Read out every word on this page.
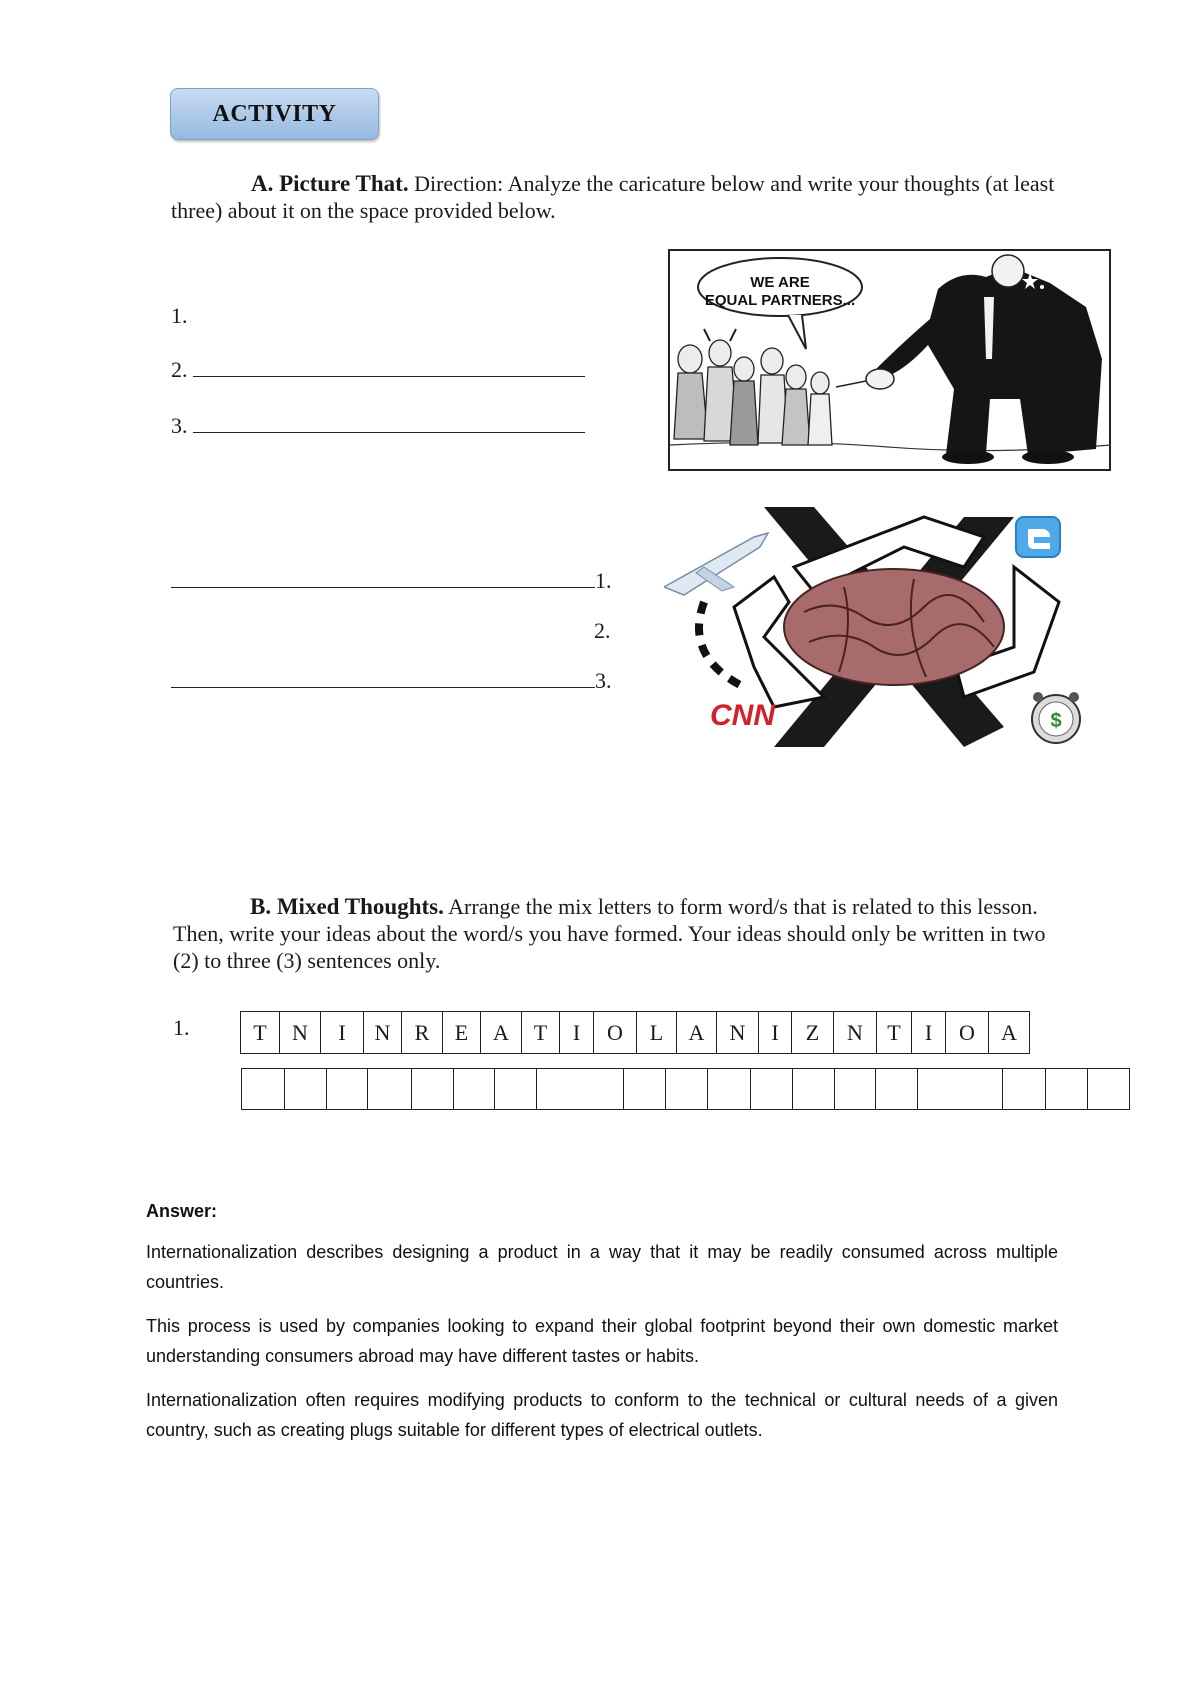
ACTIVITY
A. Picture That. Direction: Analyze the caricature below and write your thoughts (at least three) about it on the space provided below.
1.
2.
3.
1.
2.
3.
WE ARE
EQUAL PARTNERS...
CNN	$
B. Mixed Thoughts. Arrange the mix letters to form word/s that is related to this lesson. Then, write your ideas about the word/s you have formed. Your ideas should only be written in two (2) to three (3) sentences only.
1.	T	N	I	N	R	E	A	T	I	O	L	A	N	I	Z	N	T	I	O	A

Answer:

Internationalization describes designing a product in a way that it may be readily consumed across multiple countries.

This process is used by companies looking to expand their global footprint beyond their own domestic market understanding consumers abroad may have different tastes or habits.

Internationalization often requires modifying products to conform to the technical or cultural needs of a given country, such as creating plugs suitable for different types of electrical outlets.
